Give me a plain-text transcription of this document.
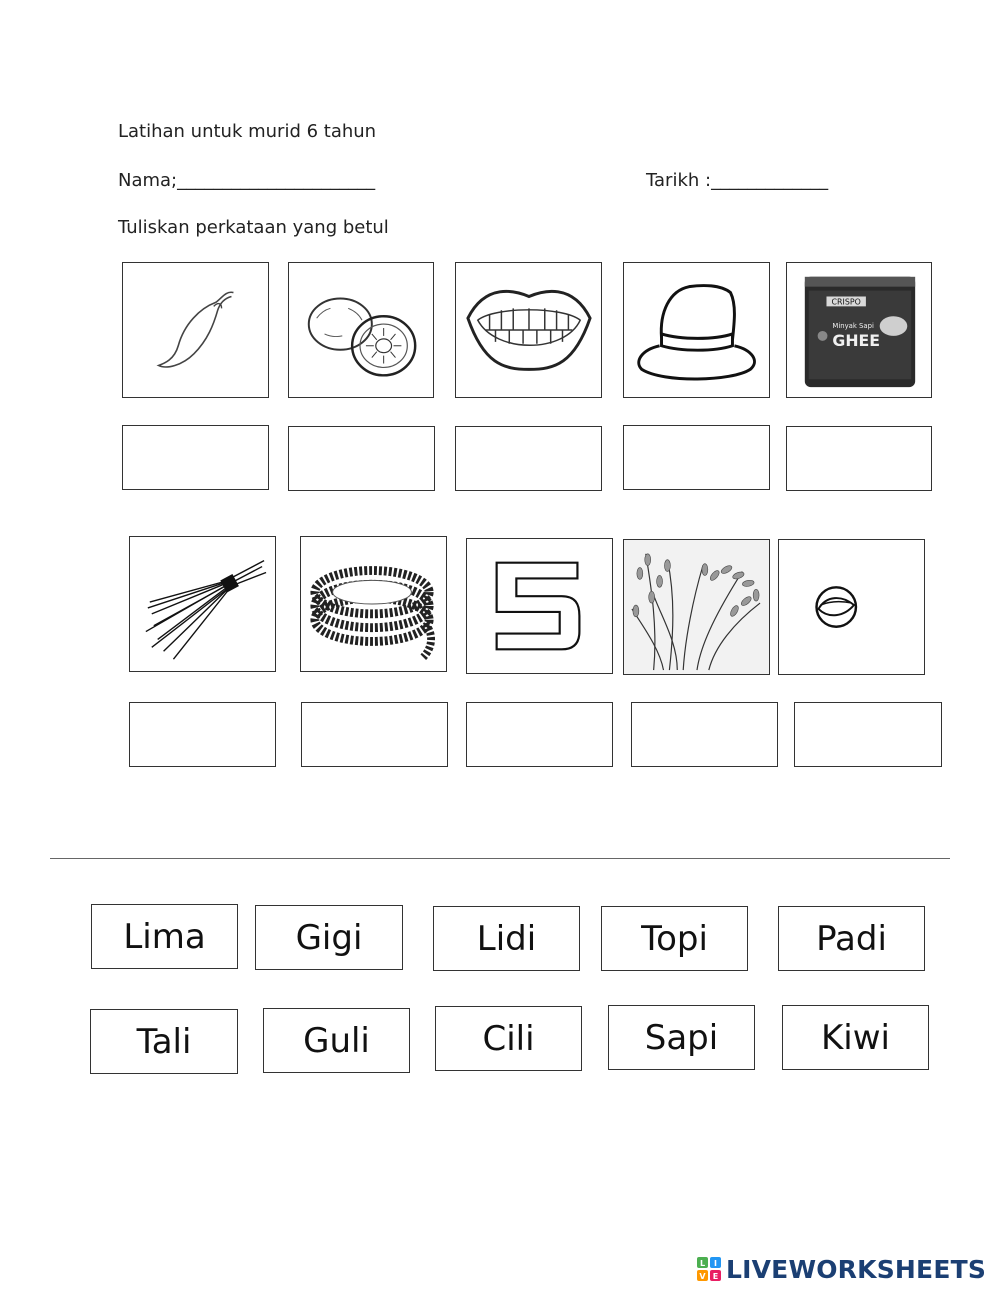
Latihan untuk murid 6 tahun
Nama;______________________	Tarikh :_____________
Tuliskan perkataan yang betul
CRISPO
Minyak Sapi
GHEE
Lima	Gigi	Lidi	Topi	Padi
Tali	Guli	Cili	Sapi	Kiwi
L I
V E LIVEWORKSHEETS
